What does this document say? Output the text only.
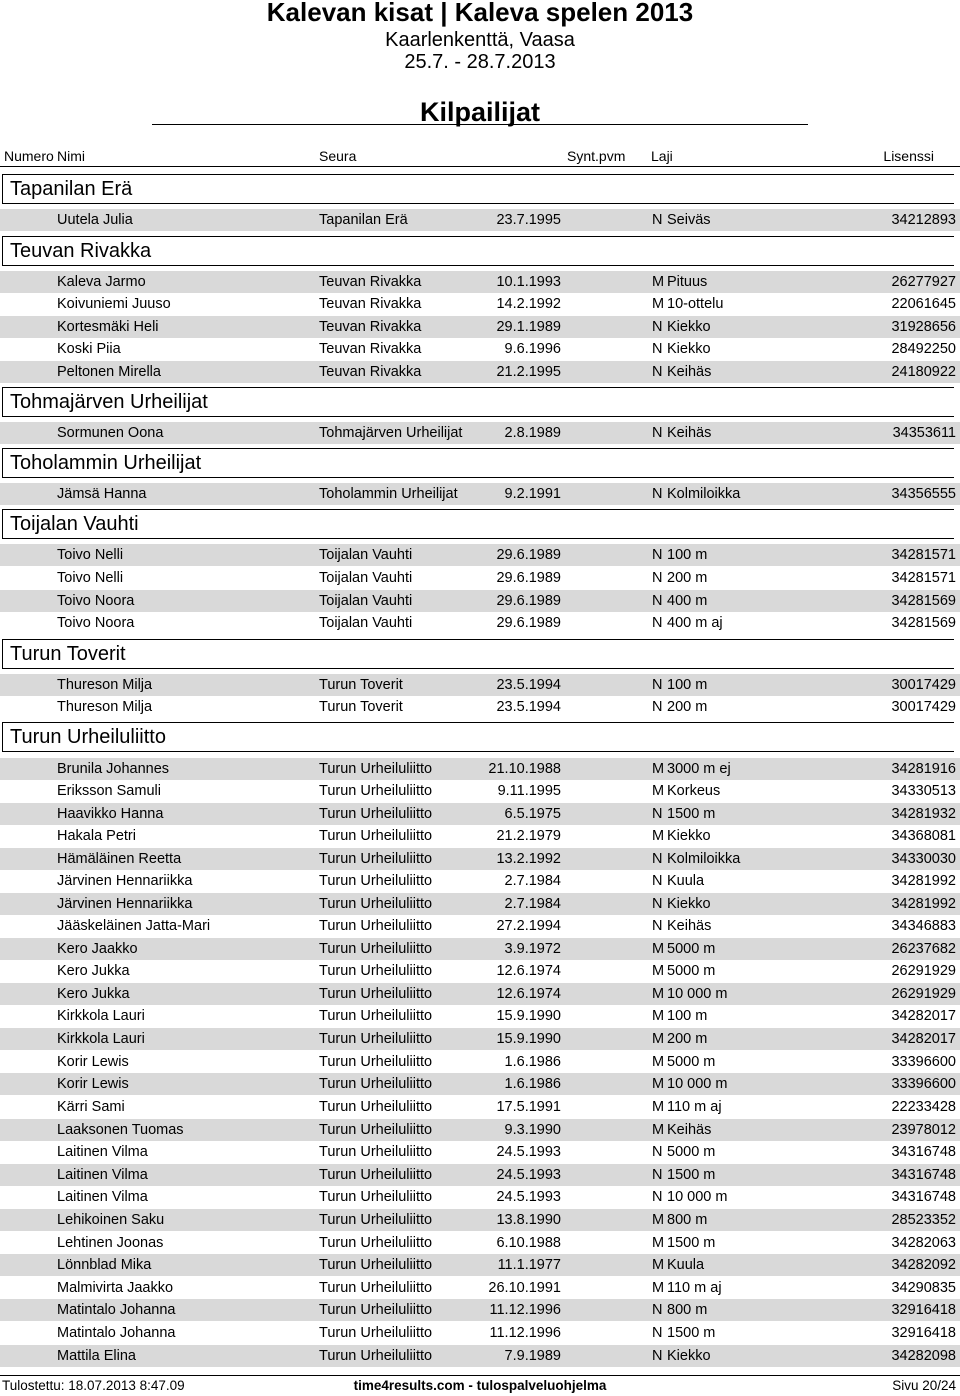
Kalevan kisat | Kaleva spelen 2013
Kaarlenkenttä, Vaasa
25.7. - 28.7.2013
Kilpailijat
Numero Nimi	Seura	Synt.pvm Laji	Lisenssi
Tapanilan Erä
Uutela Julia	Tapanilan Erä	23.7.1995	N Seiväs	34212893
Teuvan Rivakka
Kaleva Jarmo	Teuvan Rivakka	10.1.1993	M Pituus	26277927
Koivuniemi Juuso	Teuvan Rivakka	14.2.1992	M 10-ottelu	22061645
Kortesmäki Heli	Teuvan Rivakka	29.1.1989	N Kiekko	31928656
Koski Piia	Teuvan Rivakka	9.6.1996	N Kiekko	28492250
Peltonen Mirella	Teuvan Rivakka	21.2.1995	N Keihäs	24180922
Tohmajärven Urheilijat
Sormunen Oona	Tohmajärven Urheilijat	2.8.1989	N Keihäs	34353611
Toholammin Urheilijat
Jämsä Hanna	Toholammin Urheilijat	9.2.1991	N Kolmiloikka	34356555
Toijalan Vauhti
Toivo Nelli	Toijalan Vauhti	29.6.1989	N 100 m	34281571
Toivo Nelli	Toijalan Vauhti	29.6.1989	N 200 m	34281571
Toivo Noora	Toijalan Vauhti	29.6.1989	N 400 m	34281569
Toivo Noora	Toijalan Vauhti	29.6.1989	N 400 m aj	34281569
Turun Toverit
Thureson Milja	Turun Toverit	23.5.1994	N 100 m	30017429
Thureson Milja	Turun Toverit	23.5.1994	N 200 m	30017429
Turun Urheiluliitto
Brunila Johannes	Turun Urheiluliitto	21.10.1988	M 3000 m ej	34281916
Eriksson Samuli	Turun Urheiluliitto	9.11.1995	M Korkeus	34330513
Haavikko Hanna	Turun Urheiluliitto	6.5.1975	N 1500 m	34281932
Hakala Petri	Turun Urheiluliitto	21.2.1979	M Kiekko	34368081
Hämäläinen Reetta	Turun Urheiluliitto	13.2.1992	N Kolmiloikka	34330030
Järvinen Hennariikka	Turun Urheiluliitto	2.7.1984	N Kuula	34281992
Järvinen Hennariikka	Turun Urheiluliitto	2.7.1984	N Kiekko	34281992
Jääskeläinen Jatta-Mari	Turun Urheiluliitto	27.2.1994	N Keihäs	34346883
Kero Jaakko	Turun Urheiluliitto	3.9.1972	M 5000 m	26237682
Kero Jukka	Turun Urheiluliitto	12.6.1974	M 5000 m	26291929
Kero Jukka	Turun Urheiluliitto	12.6.1974	M 10 000 m	26291929
Kirkkola Lauri	Turun Urheiluliitto	15.9.1990	M 100 m	34282017
Kirkkola Lauri	Turun Urheiluliitto	15.9.1990	M 200 m	34282017
Korir Lewis	Turun Urheiluliitto	1.6.1986	M 5000 m	33396600
Korir Lewis	Turun Urheiluliitto	1.6.1986	M 10 000 m	33396600
Kärri Sami	Turun Urheiluliitto	17.5.1991	M 110 m aj	22233428
Laaksonen Tuomas	Turun Urheiluliitto	9.3.1990	M Keihäs	23978012
Laitinen Vilma	Turun Urheiluliitto	24.5.1993	N 5000 m	34316748
Laitinen Vilma	Turun Urheiluliitto	24.5.1993	N 1500 m	34316748
Laitinen Vilma	Turun Urheiluliitto	24.5.1993	N 10 000 m	34316748
Lehikoinen Saku	Turun Urheiluliitto	13.8.1990	M 800 m	28523352
Lehtinen Joonas	Turun Urheiluliitto	6.10.1988	M 1500 m	34282063
Lönnblad Mika	Turun Urheiluliitto	11.1.1977	M Kuula	34282092
Malmivirta Jaakko	Turun Urheiluliitto	26.10.1991	M 110 m aj	34290835
Matintalo Johanna	Turun Urheiluliitto	11.12.1996	N 800 m	32916418
Matintalo Johanna	Turun Urheiluliitto	11.12.1996	N 1500 m	32916418
Mattila Elina	Turun Urheiluliitto	7.9.1989	N Kiekko	34282098
Tulostettu: 18.07.2013 8:47.09	time4results.com - tulospalveluohjelma	Sivu 20/24
